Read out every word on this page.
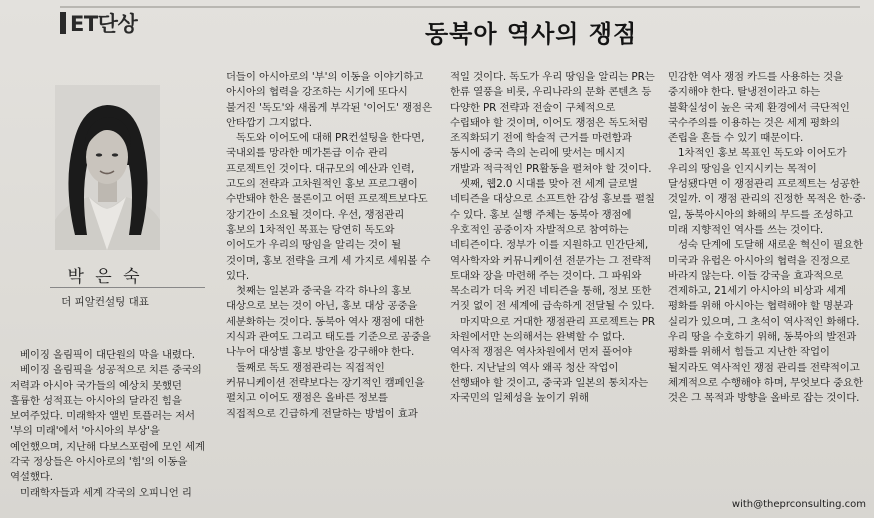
ET단상	동북아 역사의 쟁점
박 은 숙
더 피알컨설팅 대표

베이징 올림픽이 대단원의 막을 내렸다.

베이징 올림픽을 성공적으로 치른 중국의 저력과 아시아 국가들의 예상치 못했던 훌륭한 성적표는 아시아의 달라진 힘을 보여주었다. 미래학자 앨빈 토플러는 저서 '부의 미래'에서 '아시아의 부상'을 예언했으며, 지난해 다보스포럼에 모인 세계 각국 정상들은 아시아로의 '힘'의 이동을 역설했다.

미래학자들과 세계 각국의 오피니언 리

더들이 아시아로의 '부'의 이동을 이야기하고 아시아의 협력을 강조하는 시기에 또다시 불거진 '독도'와 새롭게 부각된 '이어도' 쟁점은 안타깝기 그지없다.

독도와 이어도에 대해 PR컨설팅을 한다면, 국내외를 망라한 메가톤급 이슈 관리 프로젝트인 것이다. 대규모의 예산과 인력, 고도의 전략과 고차원적인 홍보 프로그램이 수반돼야 한은 물론이고 어떤 프로젝트보다도 장기간이 소요될 것이다. 우선, 쟁점관리 홍보의 1차적인 목표는 당연히 독도와 이어도가 우리의 땅임을 알리는 것이 될 것이며, 홍보 전략을 크게 세 가지로 세워볼 수 있다.

첫째는 일본과 중국을 각각 하나의 홍보 대상으로 보는 것이 아닌, 홍보 대상 공중을 세분화하는 것이다. 동북아 역사 쟁점에 대한 지식과 관여도 그리고 태도를 기준으로 공중을 나누어 대상별 홍보 방안을 강구해야 한다.

둘째로 독도 쟁점관리는 직접적인 커뮤니케이션 전략보다는 장기적인 캠페인을 펼치고 이어도 쟁점은 올바른 정보를 직접적으로 긴급하게 전달하는 방법이 효과

적일 것이다. 독도가 우리 땅임을 알리는 PR는 한류 열풍을 비롯, 우리나라의 문화 콘텐츠 등 다양한 PR 전략과 전술이 구체적으로 수립돼야 할 것이며, 이어도 쟁점은 독도처럼 조직화되기 전에 학술적 근거를 마련함과 동시에 중국 측의 논리에 맞서는 메시지 개발과 적극적인 PR활동을 펼쳐야 할 것이다.

셋째, 웹2.0 시대를 맞아 전 세계 글로벌 네티즌을 대상으로 소프트한 감성 홍보를 펼칠 수 있다. 홍보 실행 주체는 동북아 쟁점에 우호적인 공중이자 자발적으로 참여하는 네티즌이다. 정부가 이를 지원하고 민간단체, 역사학자와 커뮤니케이션 전문가는 그 전략적 토대와 장을 마련해 주는 것이다. 그 파워와 목소리가 더욱 커진 네티즌을 통해, 정보 또한 거짓 없이 전 세계에 급속하게 전달될 수 있다.

마지막으로 거대한 쟁점관리 프로젝트는 PR 차원에서만 논의해서는 완벽할 수 없다. 역사적 쟁점은 역사차원에서 먼저 풀어야 한다. 지난날의 역사 왜곡 청산 작업이 선행돼야 할 것이고, 중국과 일본의 통치자는 자국민의 일체성을 높이기 위해

민감한 역사 쟁점 카드를 사용하는 것을 중지해야 한다. 탈냉전이라고 하는 불확실성이 높은 국제 환경에서 극단적인 국수주의를 이용하는 것은 세계 평화의 존립을 흔들 수 있기 때문이다.

1차적인 홍보 목표인 독도와 이어도가 우리의 땅임을 인지시키는 목적이 달성됐다면 이 쟁점관리 프로젝트는 성공한 것일까. 이 쟁점 관리의 진정한 목적은 한·중·일, 동북아시아의 화해의 무드를 조성하고 미래 지향적인 역사를 쓰는 것이다.

성숙 단계에 도달해 새로운 혁신이 필요한 미국과 유럽은 아시아의 협력을 진정으로 바라지 않는다. 이들 강국을 효과적으로 견제하고, 21세기 아시아의 비상과 세계 평화를 위해 아시아는 협력해야 할 명분과 실리가 있으며, 그 초석이 역사적인 화해다. 우리 땅을 수호하기 위해, 동북아의 발전과 평화를 위해서 힘들고 지난한 작업이 될지라도 역사적인 쟁점 관리를 전략적이고 체계적으로 수행해야 하며, 무엇보다 중요한 것은 그 목적과 방향을 올바로 잡는 것이다.

with@theprconsulting.com
